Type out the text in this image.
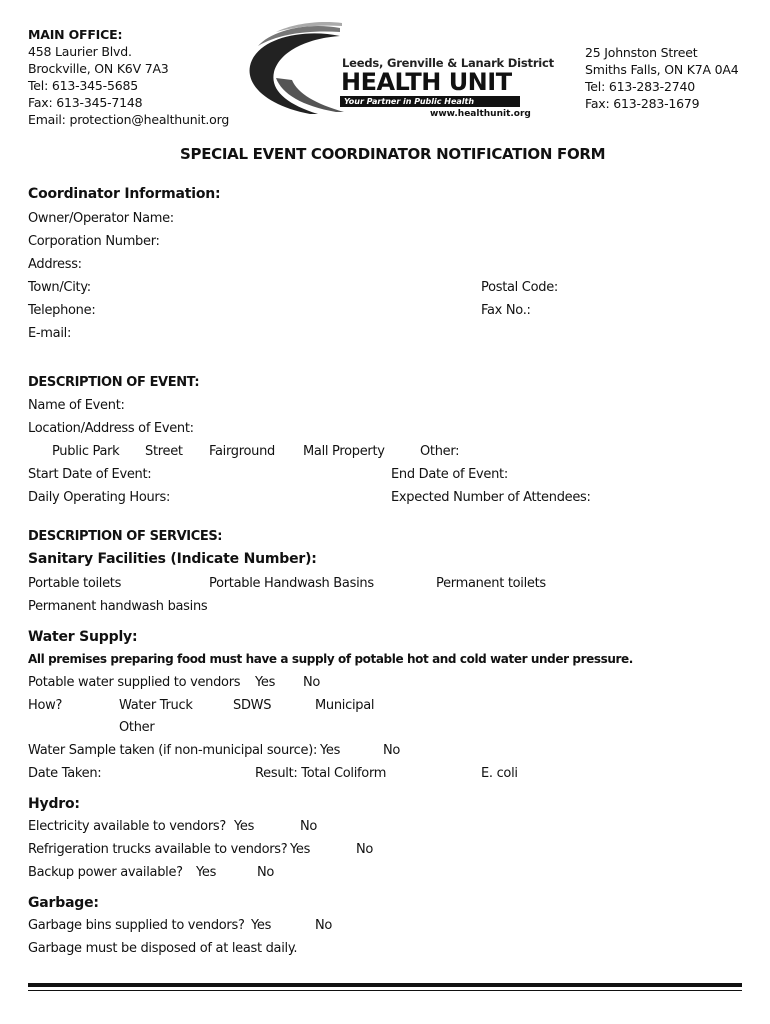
MAIN OFFICE:
458 Laurier Blvd.
Brockville, ON K6V 7A3
Tel: 613-345-5685
Fax: 613-345-7148
Email: protection@healthunit.org
Leeds, Grenville & Lanark District
HEALTH UNIT
Your Partner in Public Health
www.healthunit.org
25 Johnston Street
Smiths Falls, ON K7A 0A4
Tel: 613-283-2740
Fax: 613-283-1679
SPECIAL EVENT COORDINATOR NOTIFICATION FORM
Coordinator Information:
Owner/Operator Name:
Corporation Number:
Address:
Town/City:	Postal Code:
Telephone:	Fax No.:
E-mail:
DESCRIPTION OF EVENT:
Name of Event:
Location/Address of Event:
Public Park Street Fairground Mall Property	Other:
Start Date of Event:	End Date of Event:
Daily Operating Hours:	Expected Number of Attendees:
DESCRIPTION OF SERVICES:
Sanitary Facilities (Indicate Number):
Portable toilets	Portable Handwash Basins	Permanent toilets
Permanent handwash basins
Water Supply:
All premises preparing food must have a supply of potable hot and cold water under pressure.
Potable water supplied to vendors Yes No
How?	Water Truck	SDWS	Municipal
Other
Water Sample taken (if non-municipal source): Yes	No
Date Taken:	Result: Total Coliform	E. coli
Hydro:
Electricity available to vendors? Yes	No
Refrigeration trucks available to vendors? Yes	No
Backup power available? Yes	No
Garbage:
Garbage bins supplied to vendors? Yes	No
Garbage must be disposed of at least daily.
